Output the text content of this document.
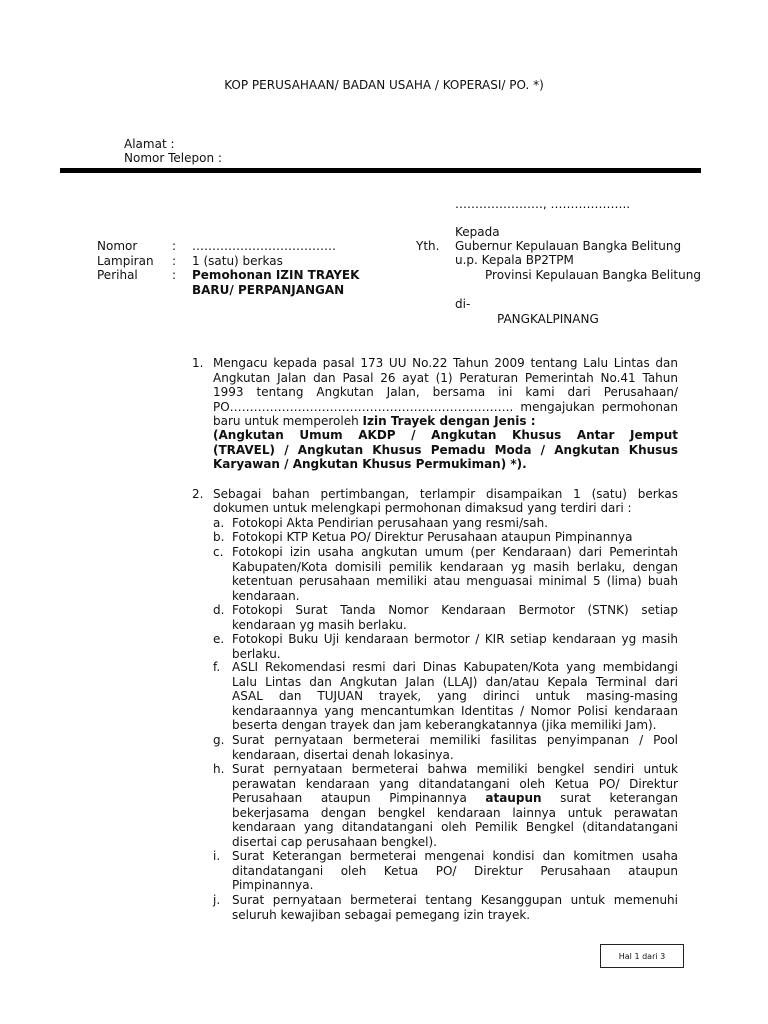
KOP PERUSAHAAN/ BADAN USAHA / KOPERASI/ PO. *)
Alamat :
Nomor Telepon :
…………………., ………………..
Kepada
Yth. Gubernur Kepulauan Bangka Belitung
u.p. Kepala BP2TPM
Provinsi Kepulauan Bangka Belitung
di-
PANGKALPINANG
Nomor	: ………………………………
Lampiran : 1 (satu) berkas
Perihal	: Pemohonan IZIN TRAYEK
BARU/ PERPANJANGAN
1. Mengacu kepada pasal 173 UU No.22 Tahun 2009 tentang Lalu Lintas dan
Angkutan Jalan dan Pasal 26 ayat (1) Peraturan Pemerintah No.41 Tahun
1993 tentang Angkutan Jalan, bersama ini kami dari Perusahaan/
PO…………………………………………………………….. mengajukan permohonan
baru untuk memperoleh Izin Trayek dengan Jenis :
(Angkutan Umum AKDP / Angkutan Khusus Antar Jemput
(TRAVEL) / Angkutan Khusus Pemadu Moda / Angkutan Khusus
Karyawan / Angkutan Khusus Permukiman) *).
2. Sebagai bahan pertimbangan, terlampir disampaikan 1 (satu) berkas
dokumen untuk melengkapi permohonan dimaksud yang terdiri dari :
a. Fotokopi Akta Pendirian perusahaan yang resmi/sah.
b. Fotokopi KTP Ketua PO/ Direktur Perusahaan ataupun Pimpinannya
c. Fotokopi izin usaha angkutan umum (per Kendaraan) dari Pemerintah
Kabupaten/Kota domisili pemilik kendaraan yg masih berlaku, dengan
ketentuan perusahaan memiliki atau menguasai minimal 5 (lima) buah
kendaraan.
d. Fotokopi Surat Tanda Nomor Kendaraan Bermotor (STNK) setiap
kendaraan yg masih berlaku.
e. Fotokopi Buku Uji kendaraan bermotor / KIR setiap kendaraan yg masih
berlaku.
f. ASLI Rekomendasi resmi dari Dinas Kabupaten/Kota yang membidangi
Lalu Lintas dan Angkutan Jalan (LLAJ) dan/atau Kepala Terminal dari
ASAL dan TUJUAN trayek, yang dirinci untuk masing-masing
kendaraannya yang mencantumkan Identitas / Nomor Polisi kendaraan
beserta dengan trayek dan jam keberangkatannya (jika memiliki Jam).
g. Surat pernyataan bermeterai memiliki fasilitas penyimpanan / Pool
kendaraan, disertai denah lokasinya.
h. Surat pernyataan bermeterai bahwa memiliki bengkel sendiri untuk
perawatan kendaraan yang ditandatangani oleh Ketua PO/ Direktur
Perusahaan ataupun Pimpinannya ataupun surat keterangan
bekerjasama dengan bengkel kendaraan lainnya untuk perawatan
kendaraan yang ditandatangani oleh Pemilik Bengkel (ditandatangani
disertai cap perusahaan bengkel).
i. Surat Keterangan bermeterai mengenai kondisi dan komitmen usaha
ditandatangani oleh Ketua PO/ Direktur Perusahaan ataupun
Pimpinannya.
j. Surat pernyataan bermeterai tentang Kesanggupan untuk memenuhi
seluruh kewajiban sebagai pemegang izin trayek.
Hal 1 dari 3
